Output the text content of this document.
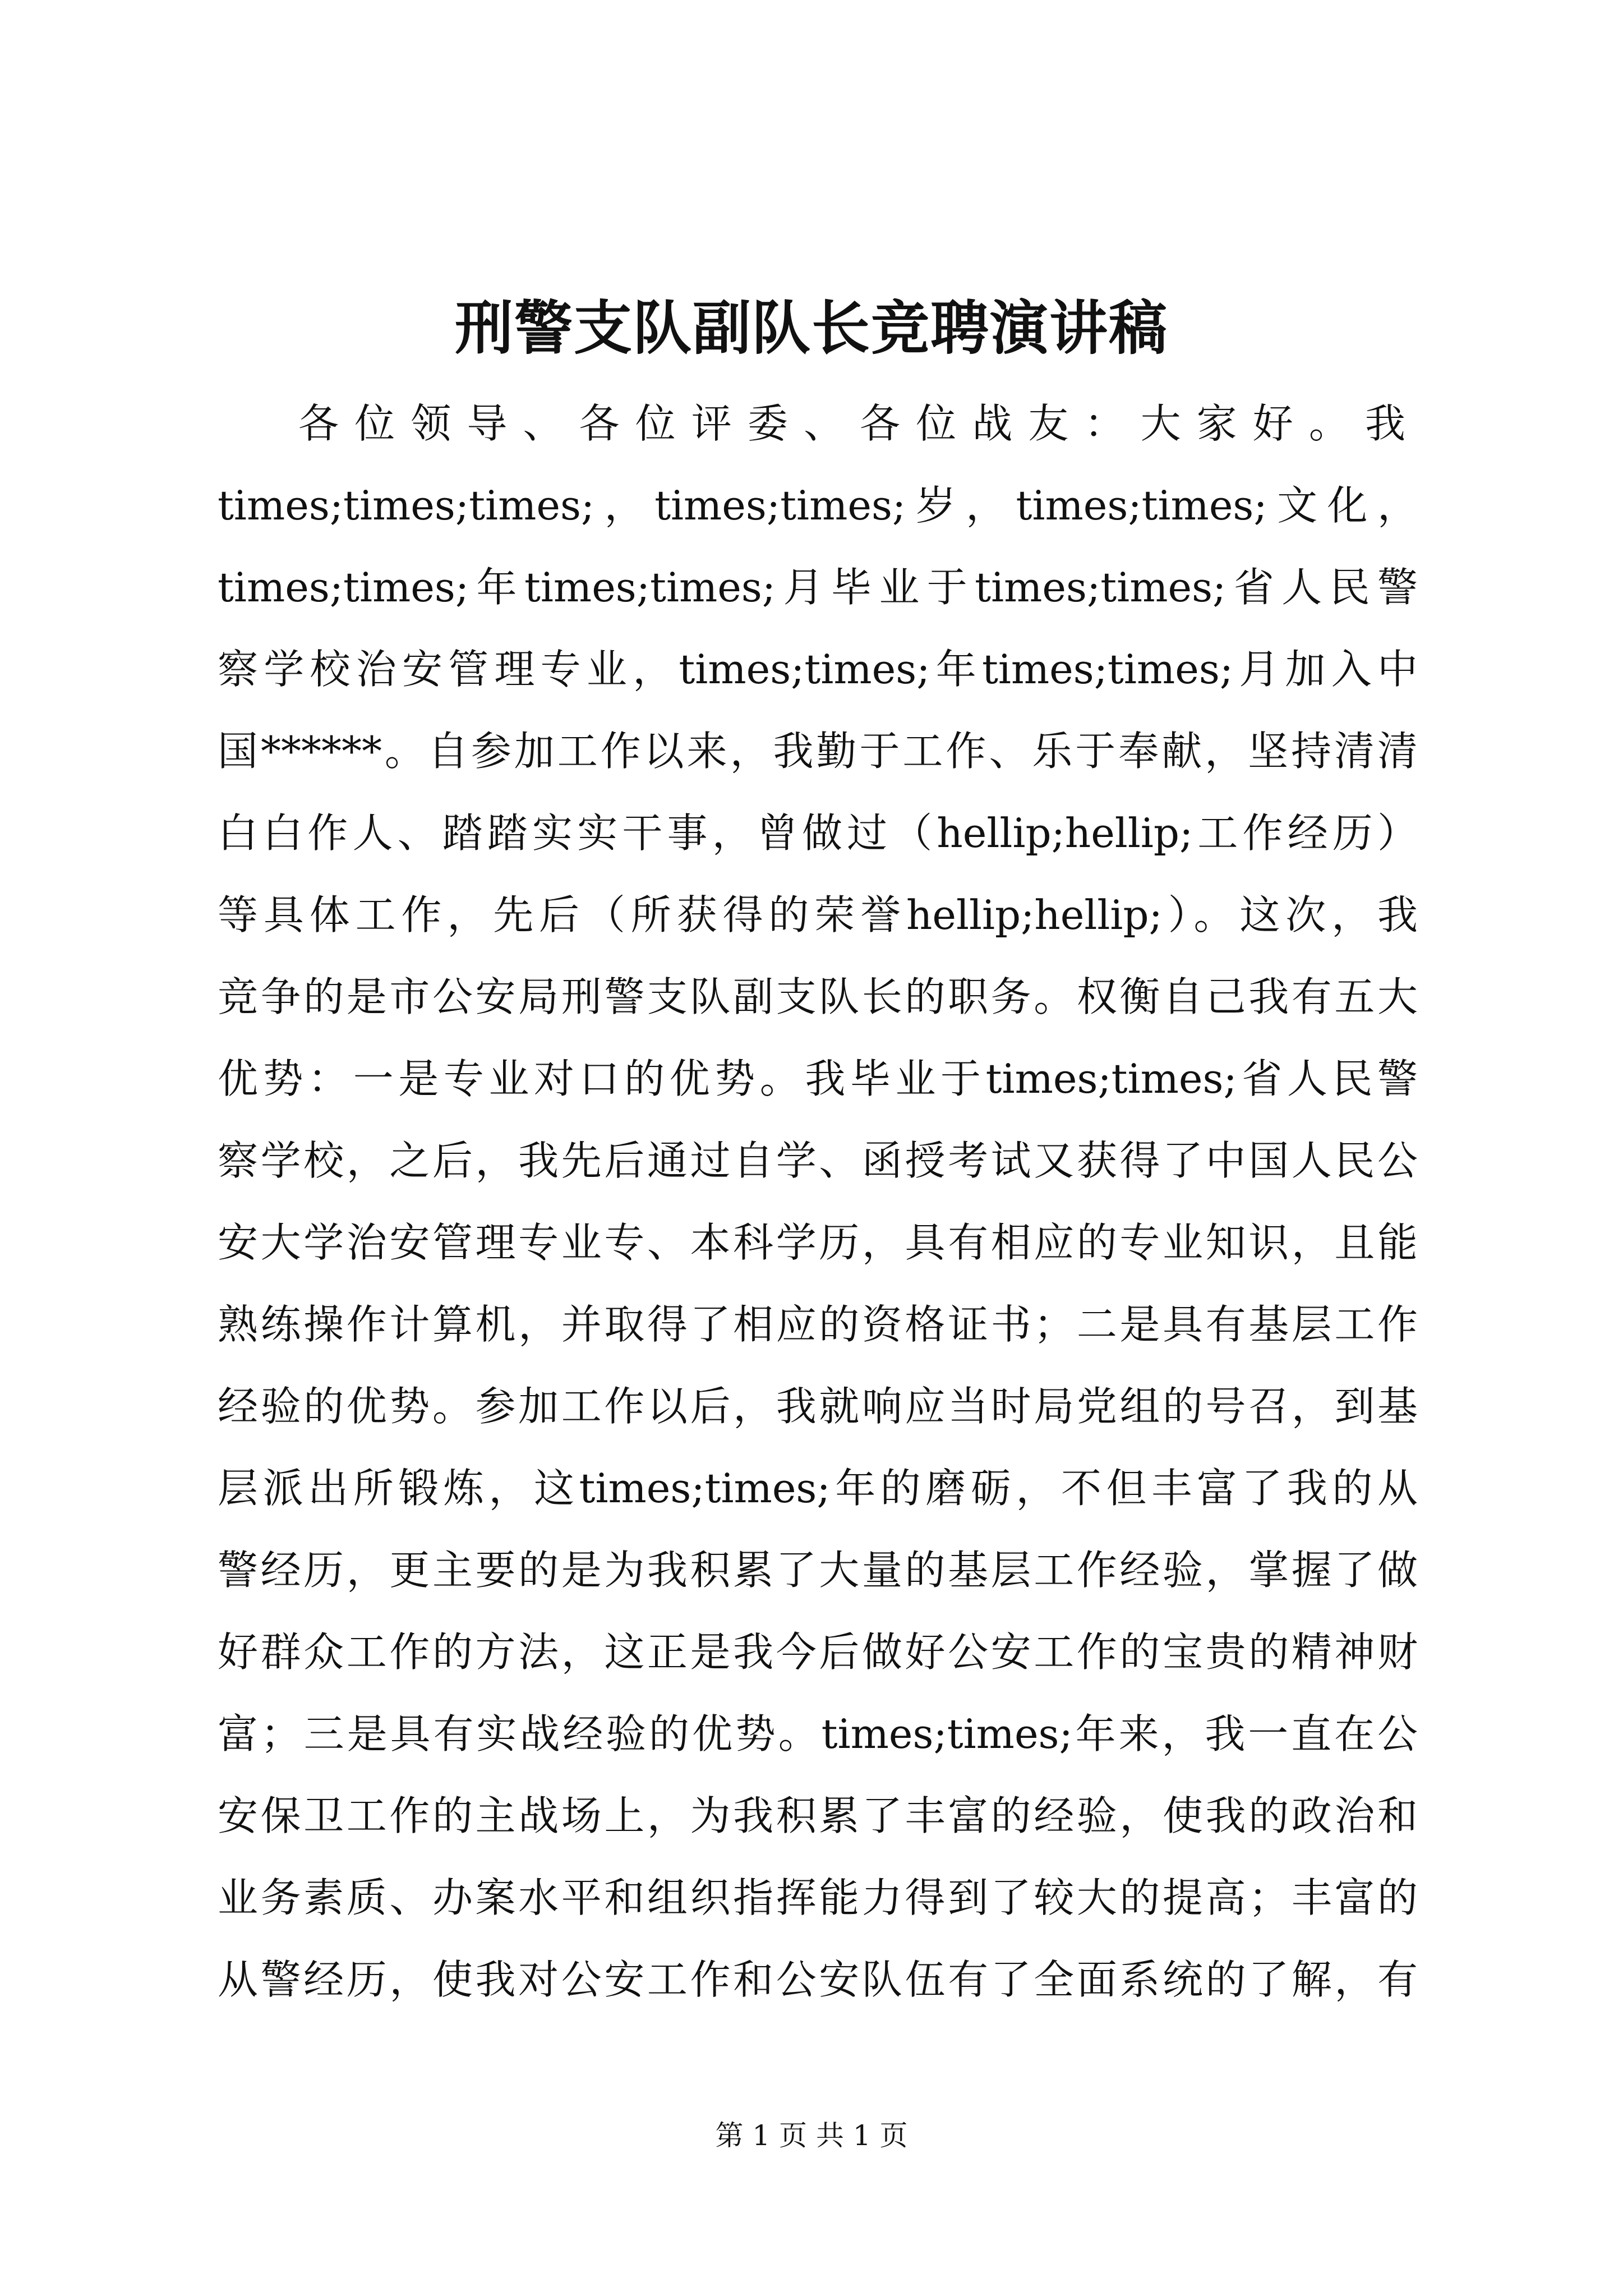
刑警支队副队长竞聘演讲稿
各位领导、各位评委、各位战友：大家好。我
times;times;times;，times;times;岁，times;times;文化，
times;times;年times;times;月毕业于times;times;省人民警
察学校治安管理专业，times;times;年times;times;月加入中
国******。自参加工作以来，我勤于工作、乐于奉献，坚持清清
白白作人、踏踏实实干事，曾做过（hellip;hellip;工作经历）
等具体工作，先后（所获得的荣誉hellip;hellip;）。这次，我
竞争的是市公安局刑警支队副支队长的职务。权衡自己我有五大
优势：一是专业对口的优势。我毕业于times;times;省人民警
察学校，之后，我先后通过自学、函授考试又获得了中国人民公
安大学治安管理专业专、本科学历，具有相应的专业知识，且能
熟练操作计算机，并取得了相应的资格证书；二是具有基层工作
经验的优势。参加工作以后，我就响应当时局党组的号召，到基
层派出所锻炼，这times;times;年的磨砺，不但丰富了我的从
警经历，更主要的是为我积累了大量的基层工作经验，掌握了做
好群众工作的方法，这正是我今后做好公安工作的宝贵的精神财
富；三是具有实战经验的优势。times;times;年来，我一直在公
安保卫工作的主战场上，为我积累了丰富的经验，使我的政治和
业务素质、办案水平和组织指挥能力得到了较大的提高；丰富的
从警经历，使我对公安工作和公安队伍有了全面系统的了解，有
第 1 页 共 1 页
